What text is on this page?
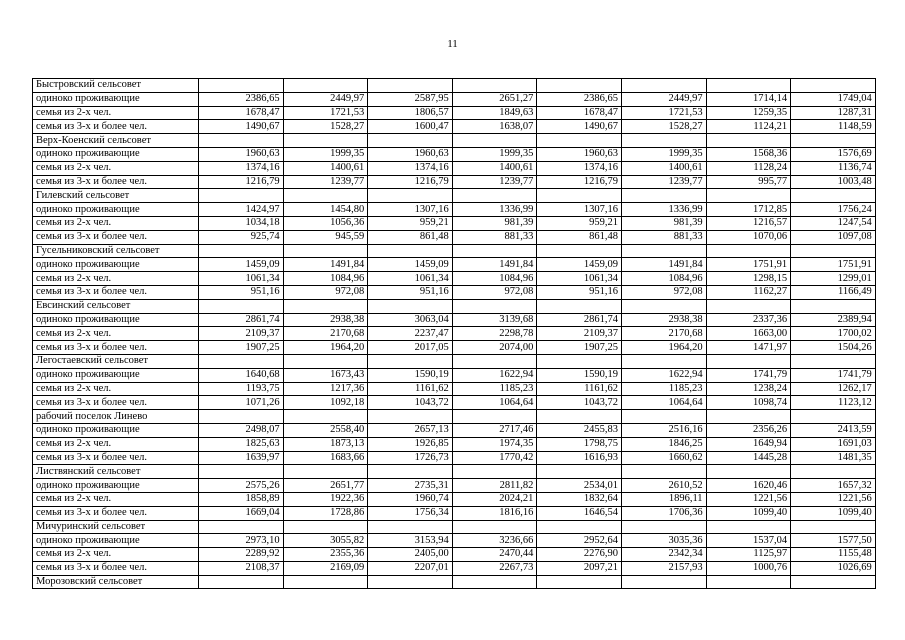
11
Быстровский сельсовет								
одиноко проживающие	2386,65	2449,97	2587,95	2651,27	2386,65	2449,97	1714,14	1749,04
семья из 2-х чел.	1678,47	1721,53	1806,57	1849,63	1678,47	1721,53	1259,35	1287,31
семья из 3-х и более чел.	1490,67	1528,27	1600,47	1638,07	1490,67	1528,27	1124,21	1148,59
Верх-Коенский сельсовет								
одиноко проживающие	1960,63	1999,35	1960,63	1999,35	1960,63	1999,35	1568,36	1576,69
семья из 2-х чел.	1374,16	1400,61	1374,16	1400,61	1374,16	1400,61	1128,24	1136,74
семья из 3-х и более чел.	1216,79	1239,77	1216,79	1239,77	1216,79	1239,77	995,77	1003,48
Гилевский сельсовет								
одиноко проживающие	1424,97	1454,80	1307,16	1336,99	1307,16	1336,99	1712,85	1756,24
семья из 2-х чел.	1034,18	1056,36	959,21	981,39	959,21	981,39	1216,57	1247,54
семья из 3-х и более чел.	925,74	945,59	861,48	881,33	861,48	881,33	1070,06	1097,08
Гусельниковский сельсовет								
одиноко проживающие	1459,09	1491,84	1459,09	1491,84	1459,09	1491,84	1751,91	1751,91
семья из 2-х чел.	1061,34	1084,96	1061,34	1084,96	1061,34	1084,96	1298,15	1299,01
семья из 3-х и более чел.	951,16	972,08	951,16	972,08	951,16	972,08	1162,27	1166,49
Евсинский сельсовет								
одиноко проживающие	2861,74	2938,38	3063,04	3139,68	2861,74	2938,38	2337,36	2389,94
семья из 2-х чел.	2109,37	2170,68	2237,47	2298,78	2109,37	2170,68	1663,00	1700,02
семья из 3-х и более чел.	1907,25	1964,20	2017,05	2074,00	1907,25	1964,20	1471,97	1504,26
Легостаевский сельсовет								
одиноко проживающие	1640,68	1673,43	1590,19	1622,94	1590,19	1622,94	1741,79	1741,79
семья из 2-х чел.	1193,75	1217,36	1161,62	1185,23	1161,62	1185,23	1238,24	1262,17
семья из 3-х и более чел.	1071,26	1092,18	1043,72	1064,64	1043,72	1064,64	1098,74	1123,12
рабочий поселок Линево								
одиноко проживающие	2498,07	2558,40	2657,13	2717,46	2455,83	2516,16	2356,26	2413,59
семья из 2-х чел.	1825,63	1873,13	1926,85	1974,35	1798,75	1846,25	1649,94	1691,03
семья из 3-х и более чел.	1639,97	1683,66	1726,73	1770,42	1616,93	1660,62	1445,28	1481,35
Листвянский сельсовет								
одиноко проживающие	2575,26	2651,77	2735,31	2811,82	2534,01	2610,52	1620,46	1657,32
семья из 2-х чел.	1858,89	1922,36	1960,74	2024,21	1832,64	1896,11	1221,56	1221,56
семья из 3-х и более чел.	1669,04	1728,86	1756,34	1816,16	1646,54	1706,36	1099,40	1099,40
Мичуринский сельсовет								
одиноко проживающие	2973,10	3055,82	3153,94	3236,66	2952,64	3035,36	1537,04	1577,50
семья из 2-х чел.	2289,92	2355,36	2405,00	2470,44	2276,90	2342,34	1125,97	1155,48
семья из 3-х и более чел.	2108,37	2169,09	2207,01	2267,73	2097,21	2157,93	1000,76	1026,69
Морозовский сельсовет								
